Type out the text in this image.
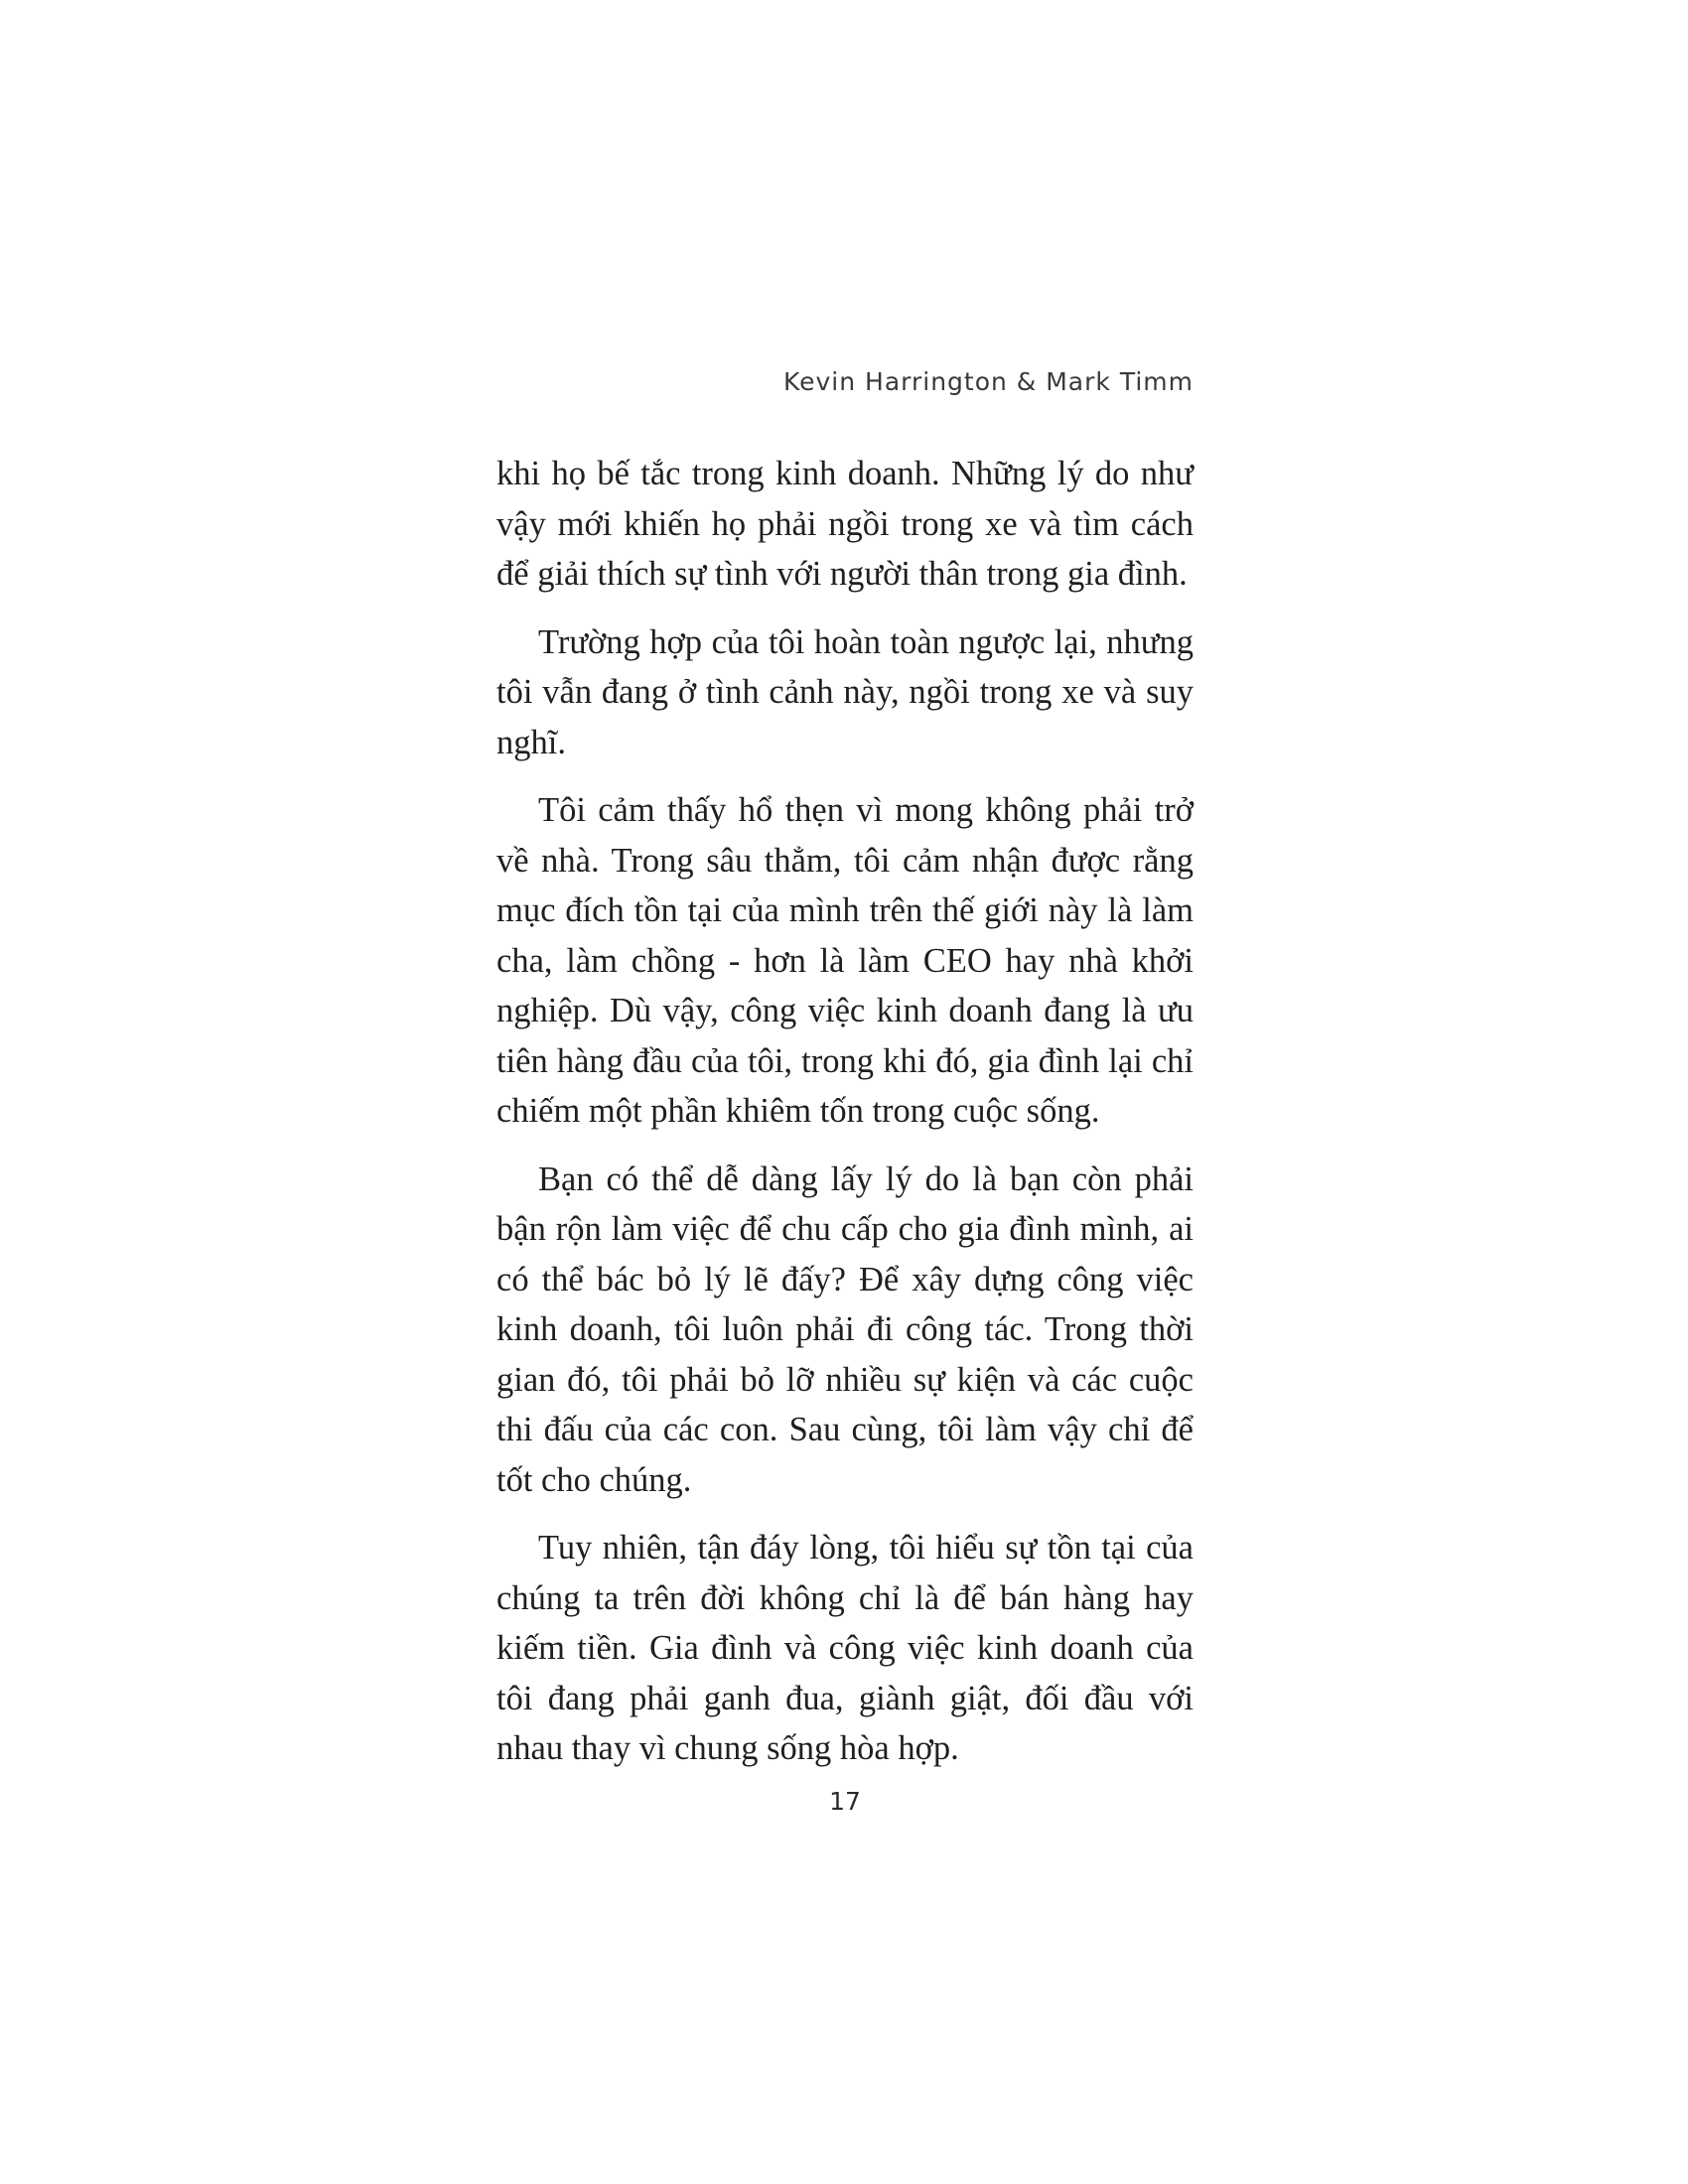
Kevin Harrington & Mark Timm

khi họ bế tắc trong kinh doanh. Những lý do như vậy mới khiến họ phải ngồi trong xe và tìm cách để giải thích sự tình với người thân trong gia đình.

Trường hợp của tôi hoàn toàn ngược lại, nhưng tôi vẫn đang ở tình cảnh này, ngồi trong xe và suy nghĩ.

Tôi cảm thấy hổ thẹn vì mong không phải trở về nhà. Trong sâu thẳm, tôi cảm nhận được rằng mục đích tồn tại của mình trên thế giới này là làm cha, làm chồng - hơn là làm CEO hay nhà khởi nghiệp. Dù vậy, công việc kinh doanh đang là ưu tiên hàng đầu của tôi, trong khi đó, gia đình lại chỉ chiếm một phần khiêm tốn trong cuộc sống.

Bạn có thể dễ dàng lấy lý do là bạn còn phải bận rộn làm việc để chu cấp cho gia đình mình, ai có thể bác bỏ lý lẽ đấy? Để xây dựng công việc kinh doanh, tôi luôn phải đi công tác. Trong thời gian đó, tôi phải bỏ lỡ nhiều sự kiện và các cuộc thi đấu của các con. Sau cùng, tôi làm vậy chỉ để tốt cho chúng.

Tuy nhiên, tận đáy lòng, tôi hiểu sự tồn tại của chúng ta trên đời không chỉ là để bán hàng hay kiếm tiền. Gia đình và công việc kinh doanh của tôi đang phải ganh đua, giành giật, đối đầu với nhau thay vì chung sống hòa hợp.

17
